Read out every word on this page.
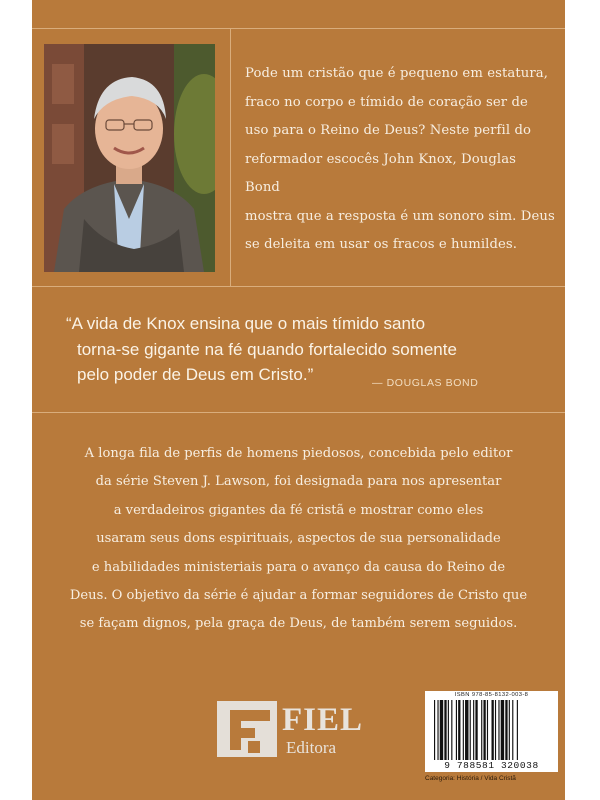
Pode um cristão que é pequeno em estatura,
fraco no corpo e tímido de coração ser de
uso para o Reino de Deus? Neste perfil do
reformador escocês John Knox, Douglas Bond
mostra que a resposta é um sonoro sim. Deus
se deleita em usar os fracos e humildes.
“A vida de Knox ensina que o mais tímido santo
torna-se gigante na fé quando fortalecido somente
pelo poder de Deus em Cristo.”	— DOUGLAS BOND
A longa fila de perfis de homens piedosos, concebida pelo editor
da série Steven J. Lawson, foi designada para nos apresentar
a verdadeiros gigantes da fé cristã e mostrar como eles
usaram seus dons espirituais, aspectos de sua personalidade
e habilidades ministeriais para o avanço da causa do Reino de
Deus. O objetivo da série é ajudar a formar seguidores de Cristo que
se façam dignos, pela graça de Deus, de também serem seguidos.
FIEL
Editora
ISBN 978-85-8132-003-8
9 788581 320038
Categoria: História / Vida Cristã
